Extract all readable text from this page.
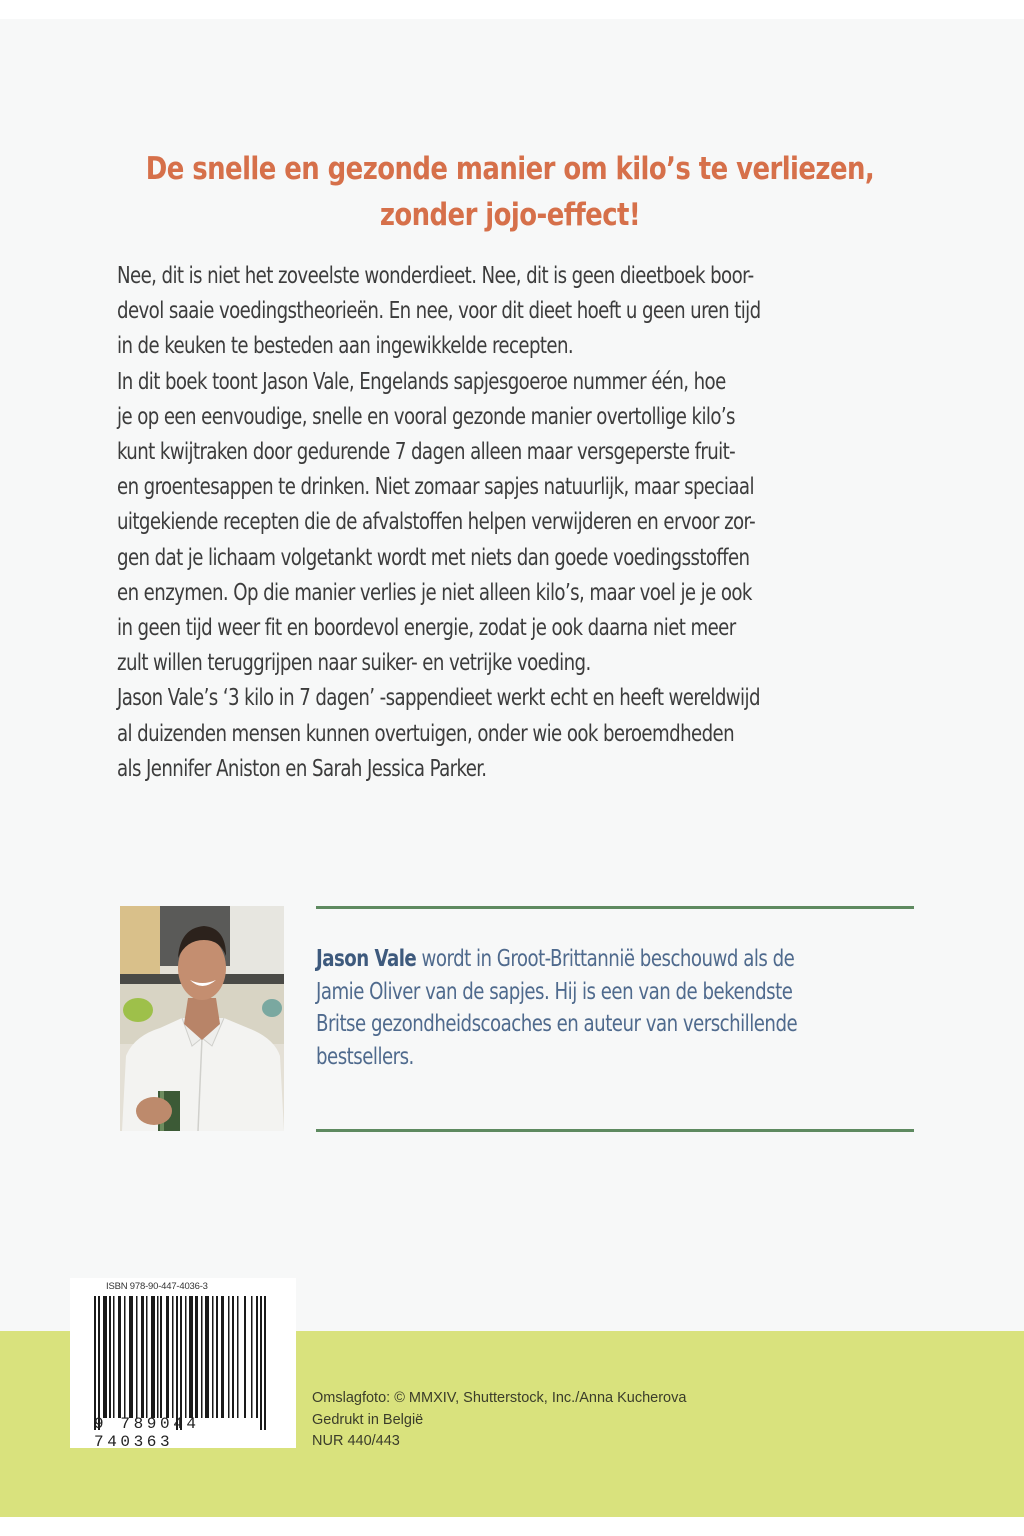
De snelle en gezonde manier om kilo’s te verliezen,
zonder jojo-effect!
Nee, dit is niet het zoveelste wonderdieet. Nee, dit is geen dieetboek boor-
devol saaie voedingstheorieën. En nee, voor dit dieet hoeft u geen uren tijd
in de keuken te besteden aan ingewikkelde recepten.
In dit boek toont Jason Vale, Engelands sapjesgoeroe nummer één, hoe
je op een eenvoudige, snelle en vooral gezonde manier overtollige kilo’s
kunt kwijtraken door gedurende 7 dagen alleen maar versgeperste fruit-
en groentesappen te drinken. Niet zomaar sapjes natuurlijk, maar speciaal
uitgekiende recepten die de afvalstoffen helpen verwijderen en ervoor zor-
gen dat je lichaam volgetankt wordt met niets dan goede voedingsstoffen
en enzymen. Op die manier verlies je niet alleen kilo’s, maar voel je je ook
in geen tijd weer fit en boordevol energie, zodat je ook daarna niet meer
zult willen teruggrijpen naar suiker- en vetrijke voeding.
Jason Vale’s ‘3 kilo in 7 dagen’ -sappendieet werkt echt en heeft wereldwijd
al duizenden mensen kunnen overtuigen, onder wie ook beroemdheden
als Jennifer Aniston en Sarah Jessica Parker.
Jason Vale wordt in Groot-Brittannië beschouwd als de
Jamie Oliver van de sapjes. Hij is een van de bekendste
Britse gezondheidscoaches en auteur van verschillende
bestsellers.
ISBN 978-90-447-4036-3
9 789044 740363
Omslagfoto: © MMXIV, Shutterstock, Inc./Anna Kucherova
Gedrukt in België
NUR 440/443
